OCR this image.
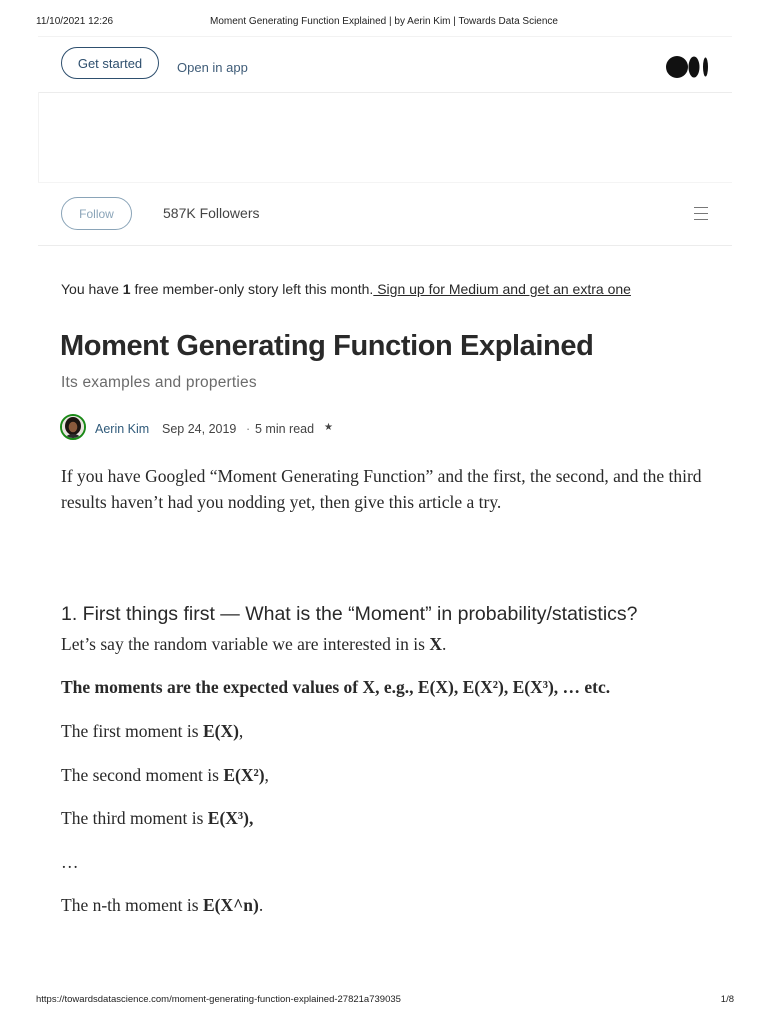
11/10/2021 12:26	Moment Generating Function Explained | by Aerin Kim | Towards Data Science
Get started	Open in app
Follow	587K Followers
You have 1 free member-only story left this month. Sign up for Medium and get an extra one
Moment Generating Function Explained
Its examples and properties
Aerin Kim Sep 24, 2019 · 5 min read ★
If you have Googled “Moment Generating Function” and the first, the second, and the third results haven’t had you nodding yet, then give this article a try.
1. First things first — What is the “Moment” in probability/statistics?
Let’s say the random variable we are interested in is X.
The moments are the expected values of X, e.g., E(X), E(X²), E(X³), … etc.
The first moment is E(X),
The second moment is E(X²),
The third moment is E(X³),
…
The n-th moment is E(X^n).
https://towardsdatascience.com/moment-generating-function-explained-27821a739035	1/8
